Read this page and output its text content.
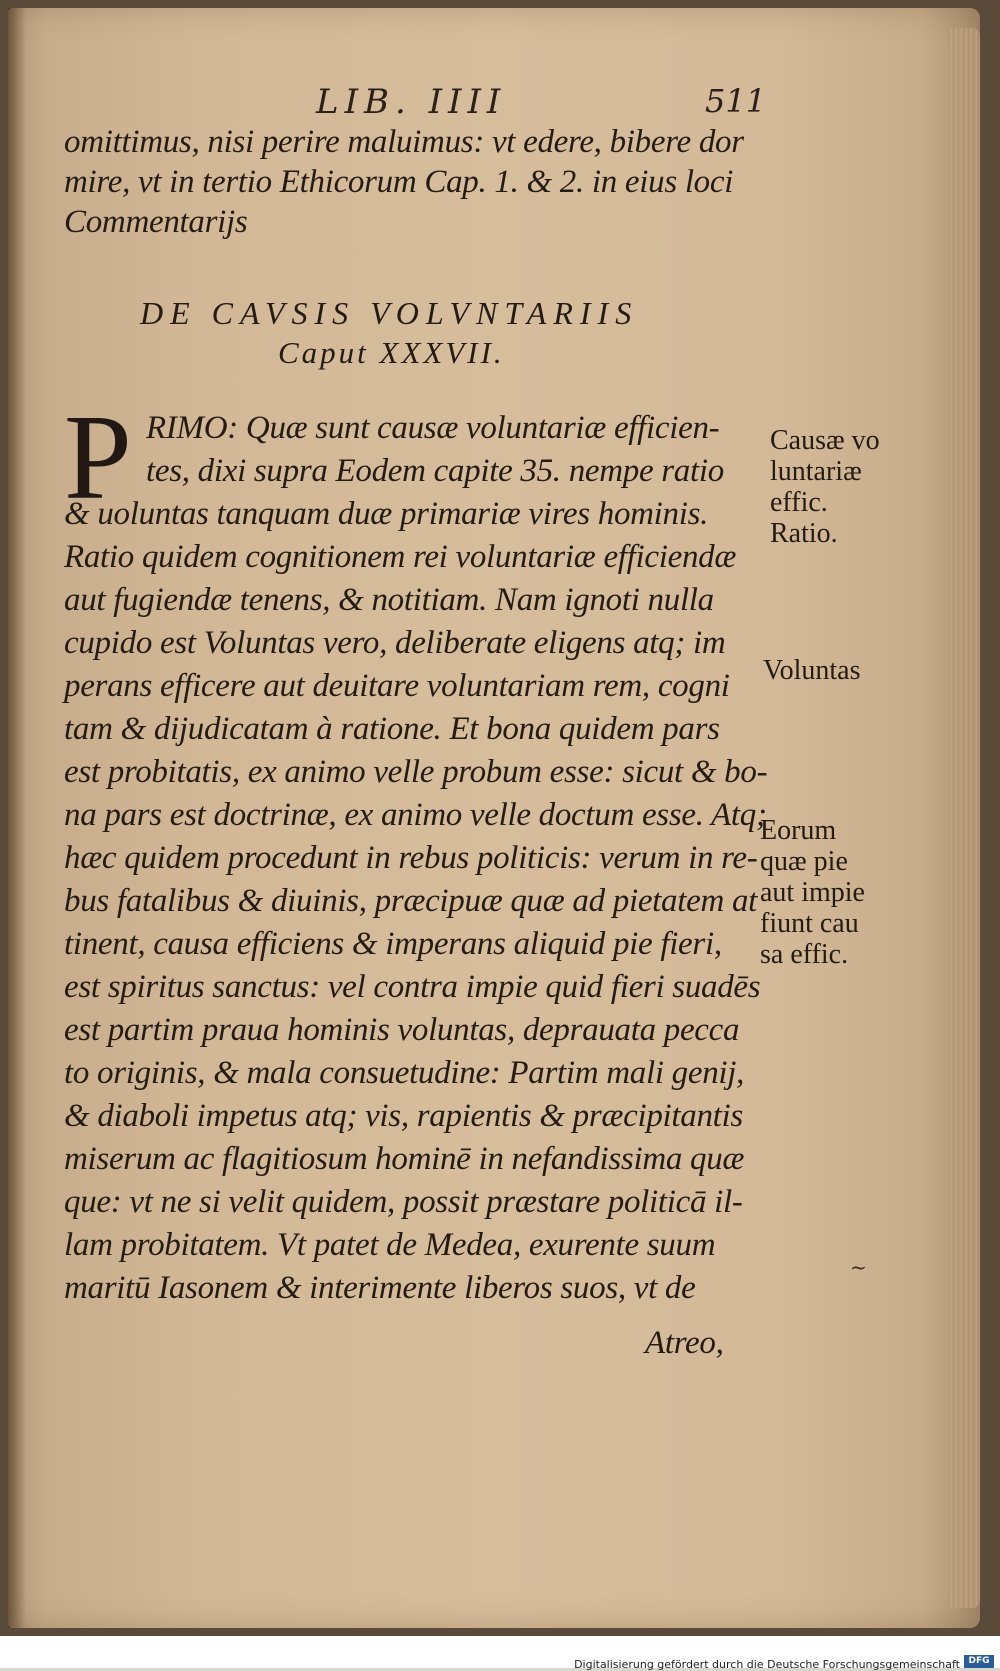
LIB. IIII	511
omittimus, nisi perire maluimus: vt edere, bibere dor
mire, vt in tertio Ethicorum Cap. 1. & 2. in eius loci
Commentarijs
DE CAVSIS VOLVNTARIIS
Caput XXXVII.
P RIMO: Quæ sunt causæ voluntariæ efficien-
tes, dixi supra Eodem capite 35. nempe ratio
& uoluntas tanquam duæ primariæ vires hominis.
Ratio quidem cognitionem rei voluntariæ efficiendæ
aut fugiendæ tenens, & notitiam. Nam ignoti nulla
cupido est Voluntas vero, deliberate eligens atq; im
perans efficere aut deuitare voluntariam rem, cogni
tam & dijudicatam à ratione. Et bona quidem pars
est probitatis, ex animo velle probum esse: sicut & bo-
na pars est doctrinæ, ex animo velle doctum esse. Atq;
hæc quidem procedunt in rebus politicis: verum in re-
bus fatalibus & diuinis, præcipuæ quæ ad pietatem at
tinent, causa efficiens & imperans aliquid pie fieri,
est spiritus sanctus: vel contra impie quid fieri suadēs
est partim praua hominis voluntas, deprauata pecca
to originis, & mala consuetudine: Partim mali genij,
& diaboli impetus atq; vis, rapientis & præcipitantis
miserum ac flagitiosum hominē in nefandissima quæ
que: vt ne si velit quidem, possit præstare politicā il-
lam probitatem. Vt patet de Medea, exurente suum
maritū Iasonem & interimente liberos suos, vt de
Atreo,
Causæ vo
luntariæ
effic.
Ratio.
Voluntas
Eorum
quæ pie
aut impie
fiunt cau
sa effic.
~
Digitalisierung gefördert durch die Deutsche Forschungsgemeinschaft DFG
